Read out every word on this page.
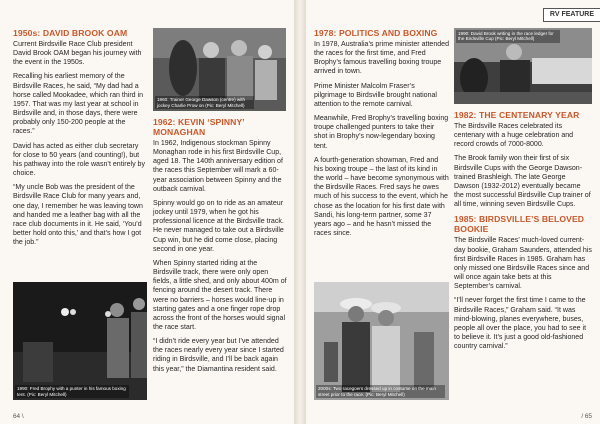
1950s: DAVID BROOK OAM

Current Birdsville Race Club president David Brook OAM began his journey with the event in the 1950s.

Recalling his earliest memory of the Birdsville Races, he said, “My dad had a horse called Mookadee, which ran third in 1957. That was my last year at school in Birdsville and, in those days, there were probably only 150-200 people at the races.”

David has acted as either club secretary for close to 50 years (and counting!), but his pathway into the role wasn’t entirely by choice.

“My uncle Bob was the president of the Birdsville Race Club for many years and, one day, I remember he was leaving town and handed me a leather bag with all the race club documents in it. He said, ‘You’d better hold onto this,’ and that’s how I got the job.”

1960: Trainer George Dawson (centre) with jockey Charlie Prow on (Pic: Beryl Mitchell)
1962: KEVIN ‘SPINNY’ MONAGHAN

In 1962, Indigenous stockman Spinny Monaghan rode in his first Birdsville Cup, aged 18. The 140th anniversary edition of the races this September will mark a 60-year association between Spinny and the outback carnival.

Spinny would go on to ride as an amateur jockey until 1979, when he got his professional licence at the Birdsville track. He never managed to take out a Birdsville Cup win, but he did come close, placing second in one year.

When Spinny started riding at the Birdsville track, there were only open fields, a little shed, and only about 400m of fencing around the desert track. There were no barriers – horses would line-up in starting gates and a one finger rope drop across the front of the horses would signal the race start.

“I didn’t ride every year but I’ve attended the races nearly every year since I started riding in Birdsville, and I’ll be back again this year,” the Diamantina resident said.

1990: Fred Brophy with a punter in his famous boxing tent. (Pic: Beryl Mitchell)
64 \
RV FEATURE
1978: POLITICS AND BOXING

In 1978, Australia’s prime minister attended the races for the first time, and Fred Brophy’s famous travelling boxing troupe arrived in town.

Prime Minister Malcolm Fraser’s pilgrimage to Birdsville brought national attention to the remote carnival.

Meanwhile, Fred Brophy’s travelling boxing troupe challenged punters to take their shot in Brophy’s now-legendary boxing tent.

A fourth-generation showman, Fred and his boxing troupe – the last of its kind in the world – have become synonymous with the Birdsville Races. Fred says he owes much of his success to the event, which he chose as the location for his first date with Sandi, his long-term partner, some 37 years ago – and he hasn’t missed the races since.

1990: David Brook writing in the race ledger for the Birdsville Cup (Pic: Beryl Mitchell)
1982: THE CENTENARY YEAR

The Birdsville Races celebrated its centenary with a huge celebration and record crowds of 7000-8000.

The Brook family won their first of six Birdsville Cups with the George Dawson-trained Brashleigh. The late George Dawson (1932-2012) eventually became the most successful Birdsville Cup trainer of all time, winning seven Birdsville Cups.

1985: BIRDSVILLE’S BELOVED BOOKIE

The Birdsville Races’ much-loved current-day bookie, Graham Saunders, attended his first Birdsville Races in 1985. Graham has only missed one Birdsville Races since and will once again take bets at this September’s carnival.

“I’ll never forget the first time I came to the Birdsville Races,” Graham said. “It was mind-blowing, planes everywhere, buses, people all over the place, you had to see it to believe it. It’s just a good old-fashioned country carnival.”

2000s: Two racegoers dressed up in costume on the main street prior to the race. (Pic: Beryl Mitchell)
/ 65
